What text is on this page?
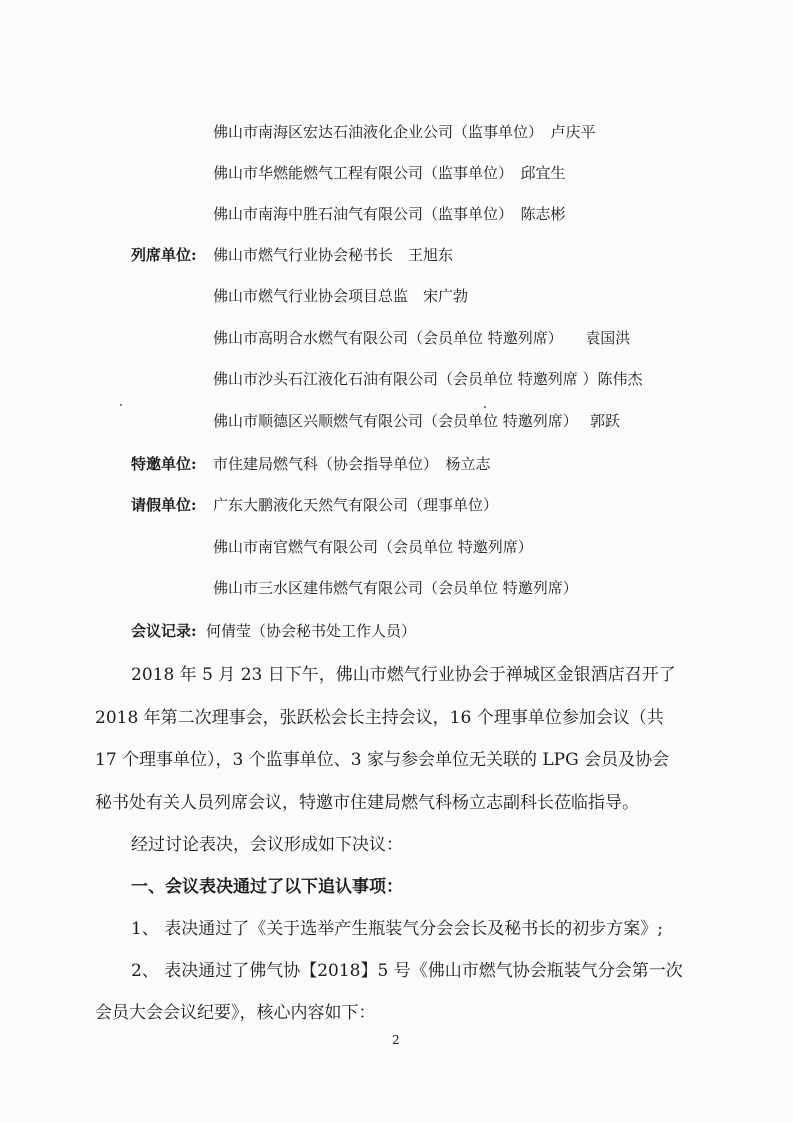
佛山市南海区宏达石油液化企业公司（监事单位）　卢庆平
佛山市华燃能燃气工程有限公司（监事单位）　邱宜生
佛山市南海中胜石油气有限公司（监事单位）　陈志彬
列席单位: 佛山市燃气行业协会秘书长　王旭东
佛山市燃气行业协会项目总监　宋广勃
佛山市高明合水燃气有限公司（会员单位 特邀列席）　　袁国洪
佛山市沙头石江液化石油有限公司（会员单位 特邀列席 ）陈伟杰
佛山市顺德区兴顺燃气有限公司（会员单位 特邀列席）　 郭跃
特邀单位: 市住建局燃气科（协会指导单位）　杨立志
请假单位: 广东大鹏液化天然气有限公司（理事单位）
佛山市南官燃气有限公司（会员单位 特邀列席）
佛山市三水区建伟燃气有限公司（会员单位 特邀列席）
会议记录: 何倩莹（协会秘书处工作人员）
2018 年 5 月 23 日下午，佛山市燃气行业协会于禅城区金银酒店召开了
2018 年第二次理事会，张跃松会长主持会议，16 个理事单位参加会议（共
17 个理事单位），3 个监事单位、3 家与参会单位无关联的 LPG 会员及协会
秘书处有关人员列席会议，特邀市住建局燃气科杨立志副科长莅临指导。
经过讨论表决，会议形成如下决议：
一、会议表决通过了以下追认事项：
1、 表决通过了《关于选举产生瓶装气分会会长及秘书长的初步方案》;
2、 表决通过了佛气协【2018】5 号《佛山市燃气协会瓶装气分会第一次
会员大会会议纪要》，核心内容如下：
2
